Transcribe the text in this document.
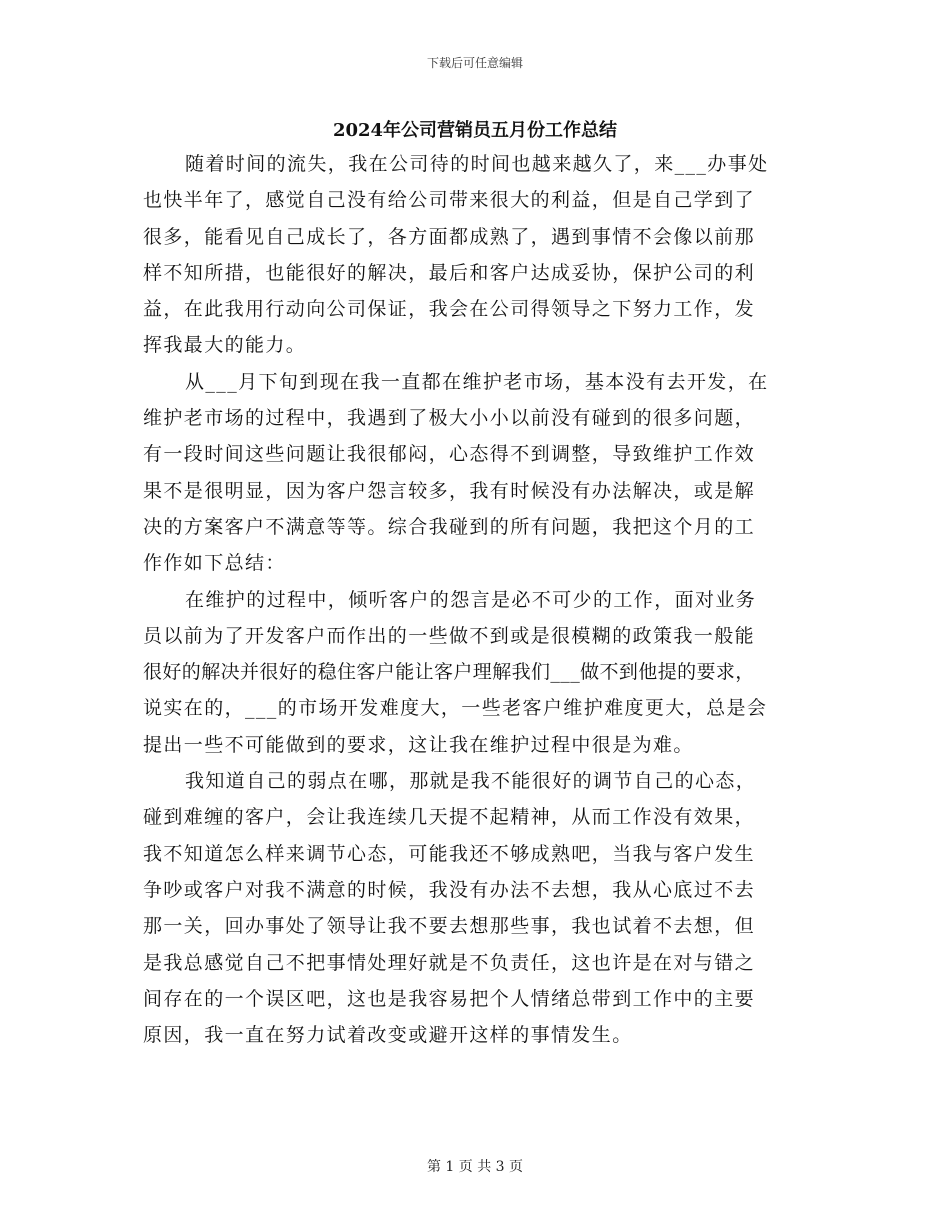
下载后可任意编辑
2024年公司营销员五月份工作总结
随着时间的流失，我在公司待的时间也越来越久了，来___办事处
也快半年了，感觉自己没有给公司带来很大的利益，但是自己学到了
很多，能看见自己成长了，各方面都成熟了，遇到事情不会像以前那
样不知所措，也能很好的解决，最后和客户达成妥协，保护公司的利
益，在此我用行动向公司保证，我会在公司得领导之下努力工作，发
挥我最大的能力。
从___月下旬到现在我一直都在维护老市场，基本没有去开发，在
维护老市场的过程中，我遇到了极大小小以前没有碰到的很多问题，
有一段时间这些问题让我很郁闷，心态得不到调整，导致维护工作效
果不是很明显，因为客户怨言较多，我有时候没有办法解决，或是解
决的方案客户不满意等等。综合我碰到的所有问题，我把这个月的工
作作如下总结：
在维护的过程中，倾听客户的怨言是必不可少的工作，面对业务
员以前为了开发客户而作出的一些做不到或是很模糊的政策我一般能
很好的解决并很好的稳住客户能让客户理解我们___做不到他提的要求，
说实在的，___的市场开发难度大，一些老客户维护难度更大，总是会
提出一些不可能做到的要求，这让我在维护过程中很是为难。
我知道自己的弱点在哪，那就是我不能很好的调节自己的心态，
碰到难缠的客户，会让我连续几天提不起精神，从而工作没有效果，
我不知道怎么样来调节心态，可能我还不够成熟吧，当我与客户发生
争吵或客户对我不满意的时候，我没有办法不去想，我从心底过不去
那一关，回办事处了领导让我不要去想那些事，我也试着不去想，但
是我总感觉自己不把事情处理好就是不负责任，这也许是在对与错之
间存在的一个误区吧，这也是我容易把个人情绪总带到工作中的主要
原因，我一直在努力试着改变或避开这样的事情发生。
第 1 页 共 3 页
